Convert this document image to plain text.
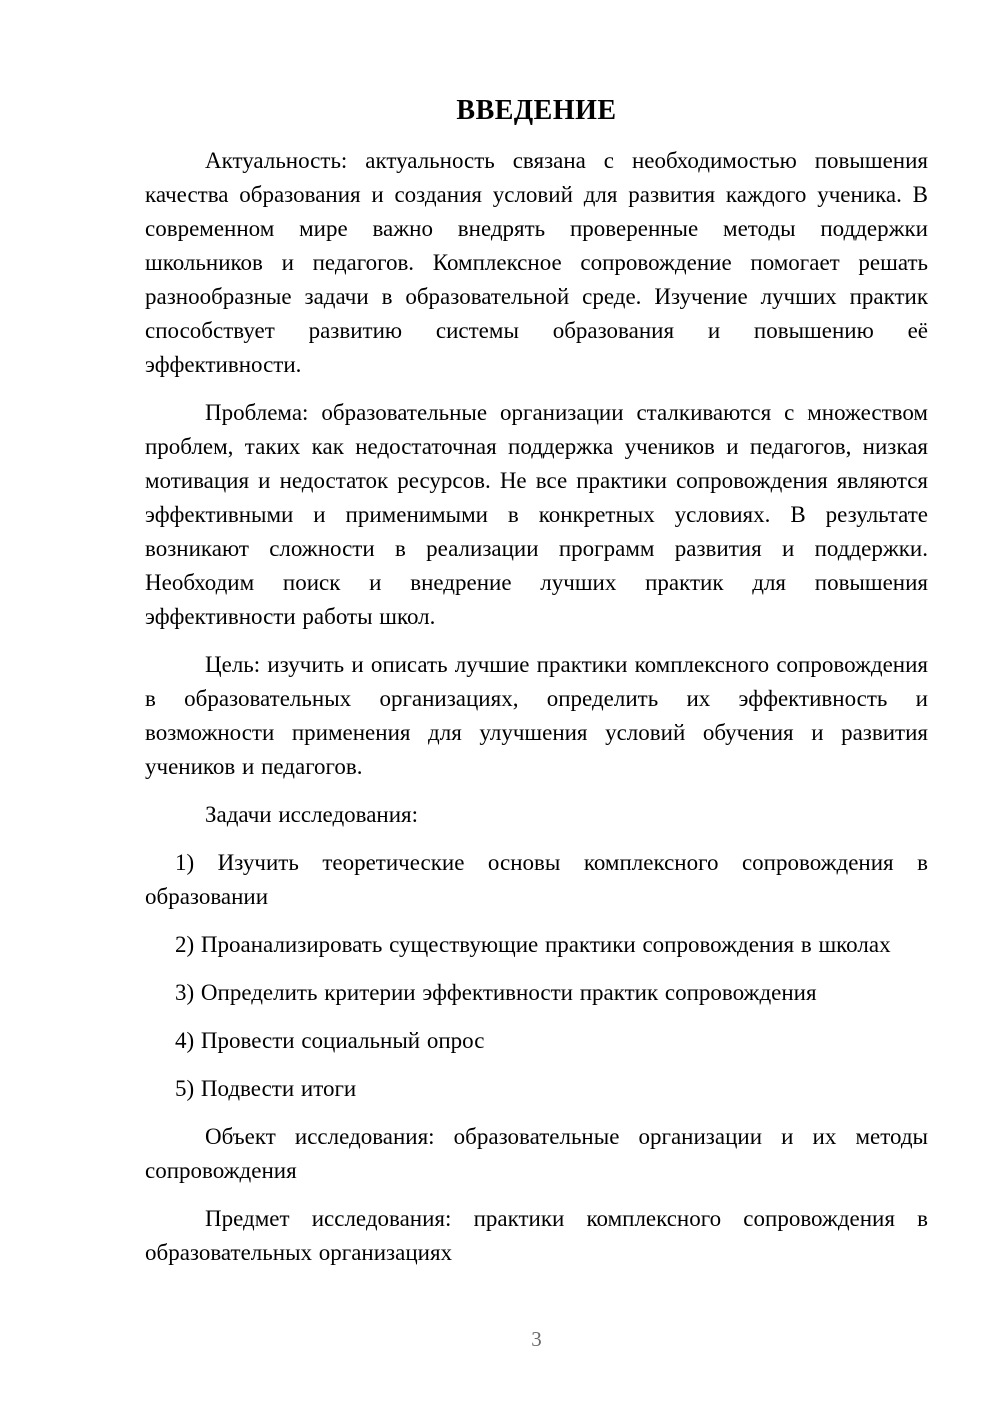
ВВЕДЕНИЕ

Актуальность: актуальность связана с необходимостью повышения качества образования и создания условий для развития каждого ученика. В современном мире важно внедрять проверенные методы поддержки школьников и педагогов. Комплексное сопровождение помогает решать разнообразные задачи в образовательной среде. Изучение лучших практик способствует развитию системы образования и повышению её эффективности.

Проблема: образовательные организации сталкиваются с множеством проблем, таких как недостаточная поддержка учеников и педагогов, низкая мотивация и недостаток ресурсов. Не все практики сопровождения являются эффективными и применимыми в конкретных условиях. В результате возникают сложности в реализации программ развития и поддержки. Необходим поиск и внедрение лучших практик для повышения эффективности работы школ.

Цель: изучить и описать лучшие практики комплексного сопровождения в образовательных организациях, определить их эффективность и возможности применения для улучшения условий обучения и развития учеников и педагогов.

Задачи исследования:

1) Изучить теоретические основы комплексного сопровождения в образовании

2) Проанализировать существующие практики сопровождения в школах

3) Определить критерии эффективности практик сопровождения

4) Провести социальный опрос

5) Подвести итоги

Объект исследования: образовательные организации и их методы сопровождения

Предмет исследования: практики комплексного сопровождения в образовательных организациях

3
